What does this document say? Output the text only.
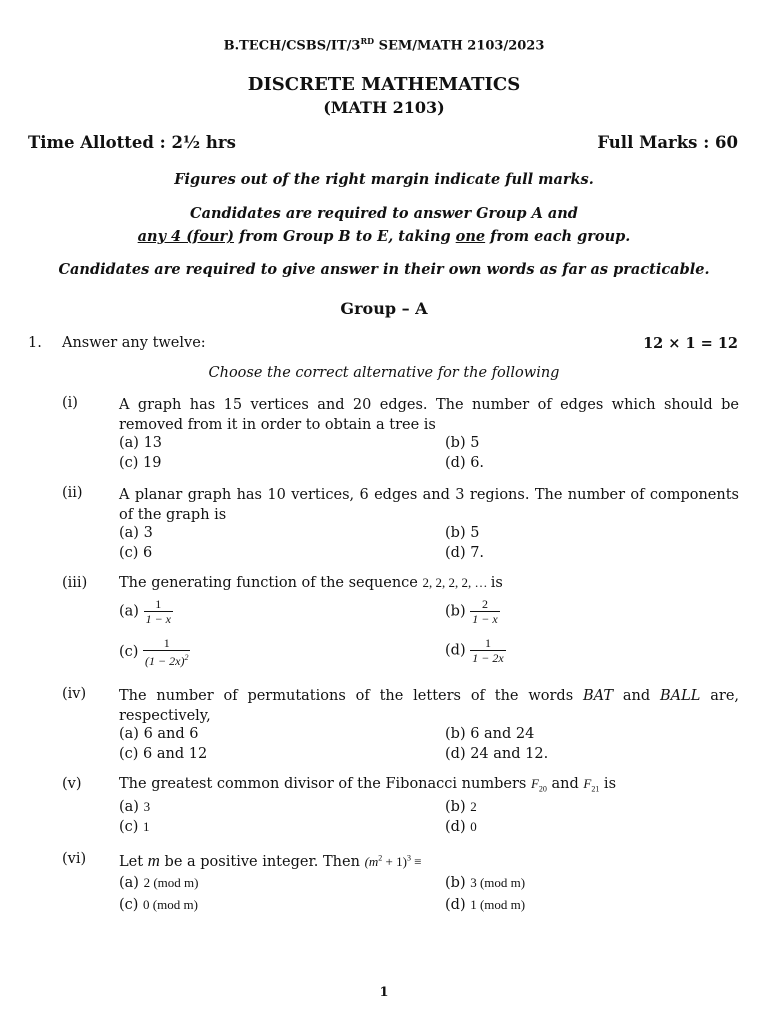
B.TECH/CSBS/IT/3RD SEM/MATH 2103/2023
DISCRETE MATHEMATICS
(MATH 2103)
Time Allotted : 2½ hrs	Full Marks : 60
Figures out of the right margin indicate full marks.
Candidates are required to answer Group A and
any 4 (four) from Group B to E, taking one from each group.
Candidates are required to give answer in their own words as far as practicable.
Group – A
1. Answer any twelve:	12 × 1 = 12
Choose the correct alternative for the following
(i)	A graph has 15 vertices and 20 edges. The number of edges which should be removed from it in order to obtain a tree is
(a) 13	(b) 5
(c) 19	(d) 6.
(ii)	A planar graph has 10 vertices, 6 edges and 3 regions. The number of components of the graph is
(a) 3	(b) 5
(c) 6	(d) 7.
(iii) The generating function of the sequence 2, 2, 2, 2, … is
$(a) \frac{1}{1 - x}$	$(b) \frac{2}{1 - x}$
$(c) \frac{1}{(1 - 2x)^2}$	$(d) \frac{1}{1 - 2x}$
(iv) The number of permutations of the letters of the words BAT and BALL are, respectively,
(a) 6 and 6	(b) 6 and 24
(c) 6 and 12	(d) 24 and 12.
(v)	The greatest common divisor of the Fibonacci numbers $F_{20}$ and $F_{21}$ is
(a) 3	(b) 2
(c) 1	(d) 0
(vi) Let m be a positive integer. Then $(m^2 + 1)^3$ ≡
(a) 2 (mod m)	(b) 3 (mod m)
(c) 0 (mod m)	(d) 1 (mod m)
1
